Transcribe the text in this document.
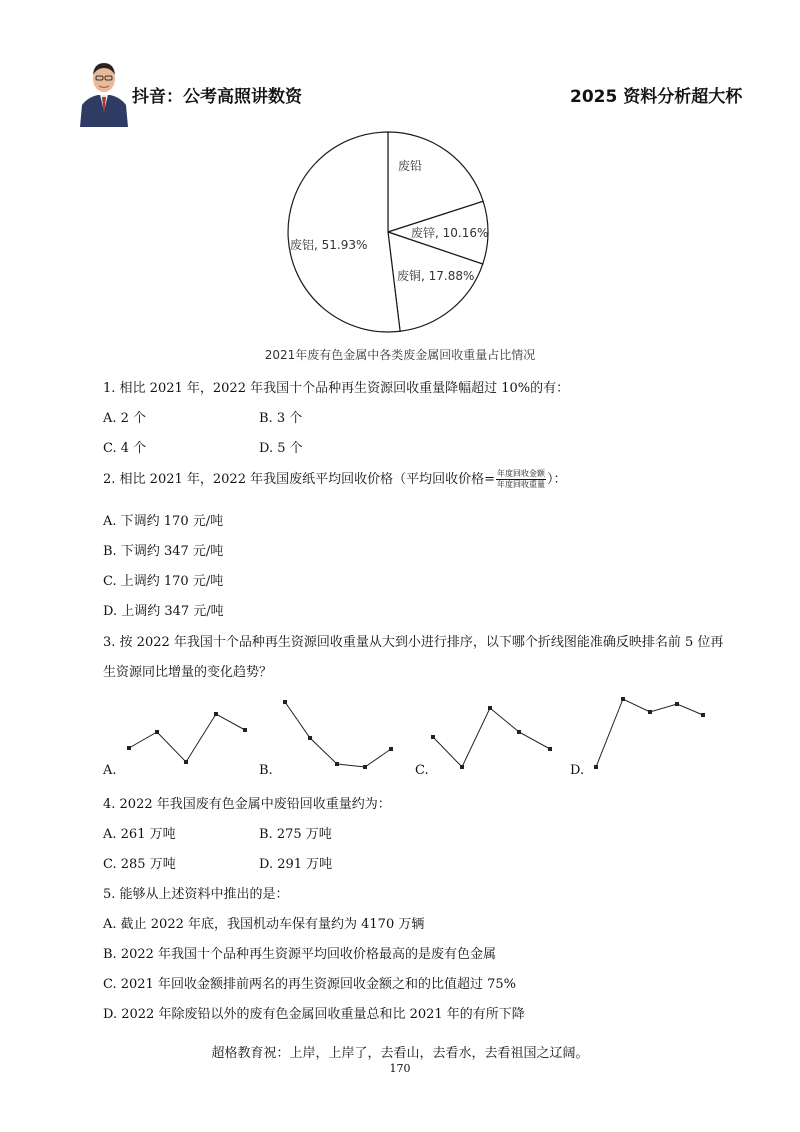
抖音：公考高照讲数资	2025 资料分析超大杯
废铅
废锌, 10.16%
废铜, 17.88%
废铝, 51.93%
2021年废有色金属中各类废金属回收重量占比情况
1. 相比 2021 年，2022 年我国十个品种再生资源回收重量降幅超过 10%的有：
A. 2 个	B. 3 个
C. 4 个	D. 5 个
2. 相比 2021 年，2022 年我国废纸平均回收价格（平均回收价格= $\frac{\text{年度回收金额}}{\text{年度回收重量}}$ ）：
A. 下调约 170 元/吨
B. 下调约 347 元/吨
C. 上调约 170 元/吨
D. 上调约 347 元/吨
3. 按 2022 年我国十个品种再生资源回收重量从大到小进行排序，以下哪个折线图能准确反映排名前 5 位再
生资源同比增量的变化趋势？
A.	B.	C.	D.
4. 2022 年我国废有色金属中废铅回收重量约为：
A. 261 万吨	B. 275 万吨
C. 285 万吨	D. 291 万吨
5. 能够从上述资料中推出的是：
A. 截止 2022 年底，我国机动车保有量约为 4170 万辆
B. 2022 年我国十个品种再生资源平均回收价格最高的是废有色金属
C. 2021 年回收金额排前两名的再生资源回收金额之和的比值超过 75%
D. 2022 年除废铅以外的废有色金属回收重量总和比 2021 年的有所下降
超格教育祝：上岸，上岸了，去看山，去看水，去看祖国之辽阔。
170
